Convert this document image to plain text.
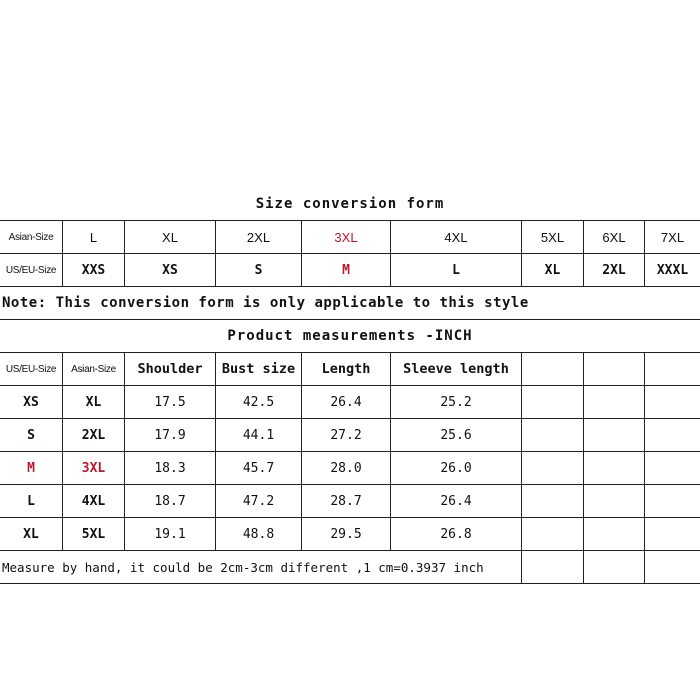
Size conversion form
Asian-Size	L	XL	2XL	3XL	4XL	5XL	6XL	7XL
US/EU-Size	XXS	XS	S	M	L	XL	2XL	XXXL
Note: This conversion form is only applicable to this style
Product measurements -INCH
US/EU-Size	Asian-Size	Shoulder	Bust size	Length	Sleeve length
XS	XL	17.5	42.5	26.4	25.2
S	2XL	17.9	44.1	27.2	25.6
M	3XL	18.3	45.7	28.0	26.0
L	4XL	18.7	47.2	28.7	26.4
XL	5XL	19.1	48.8	29.5	26.8
Measure by hand, it could be 2cm-3cm different ,1 cm=0.3937 inch
